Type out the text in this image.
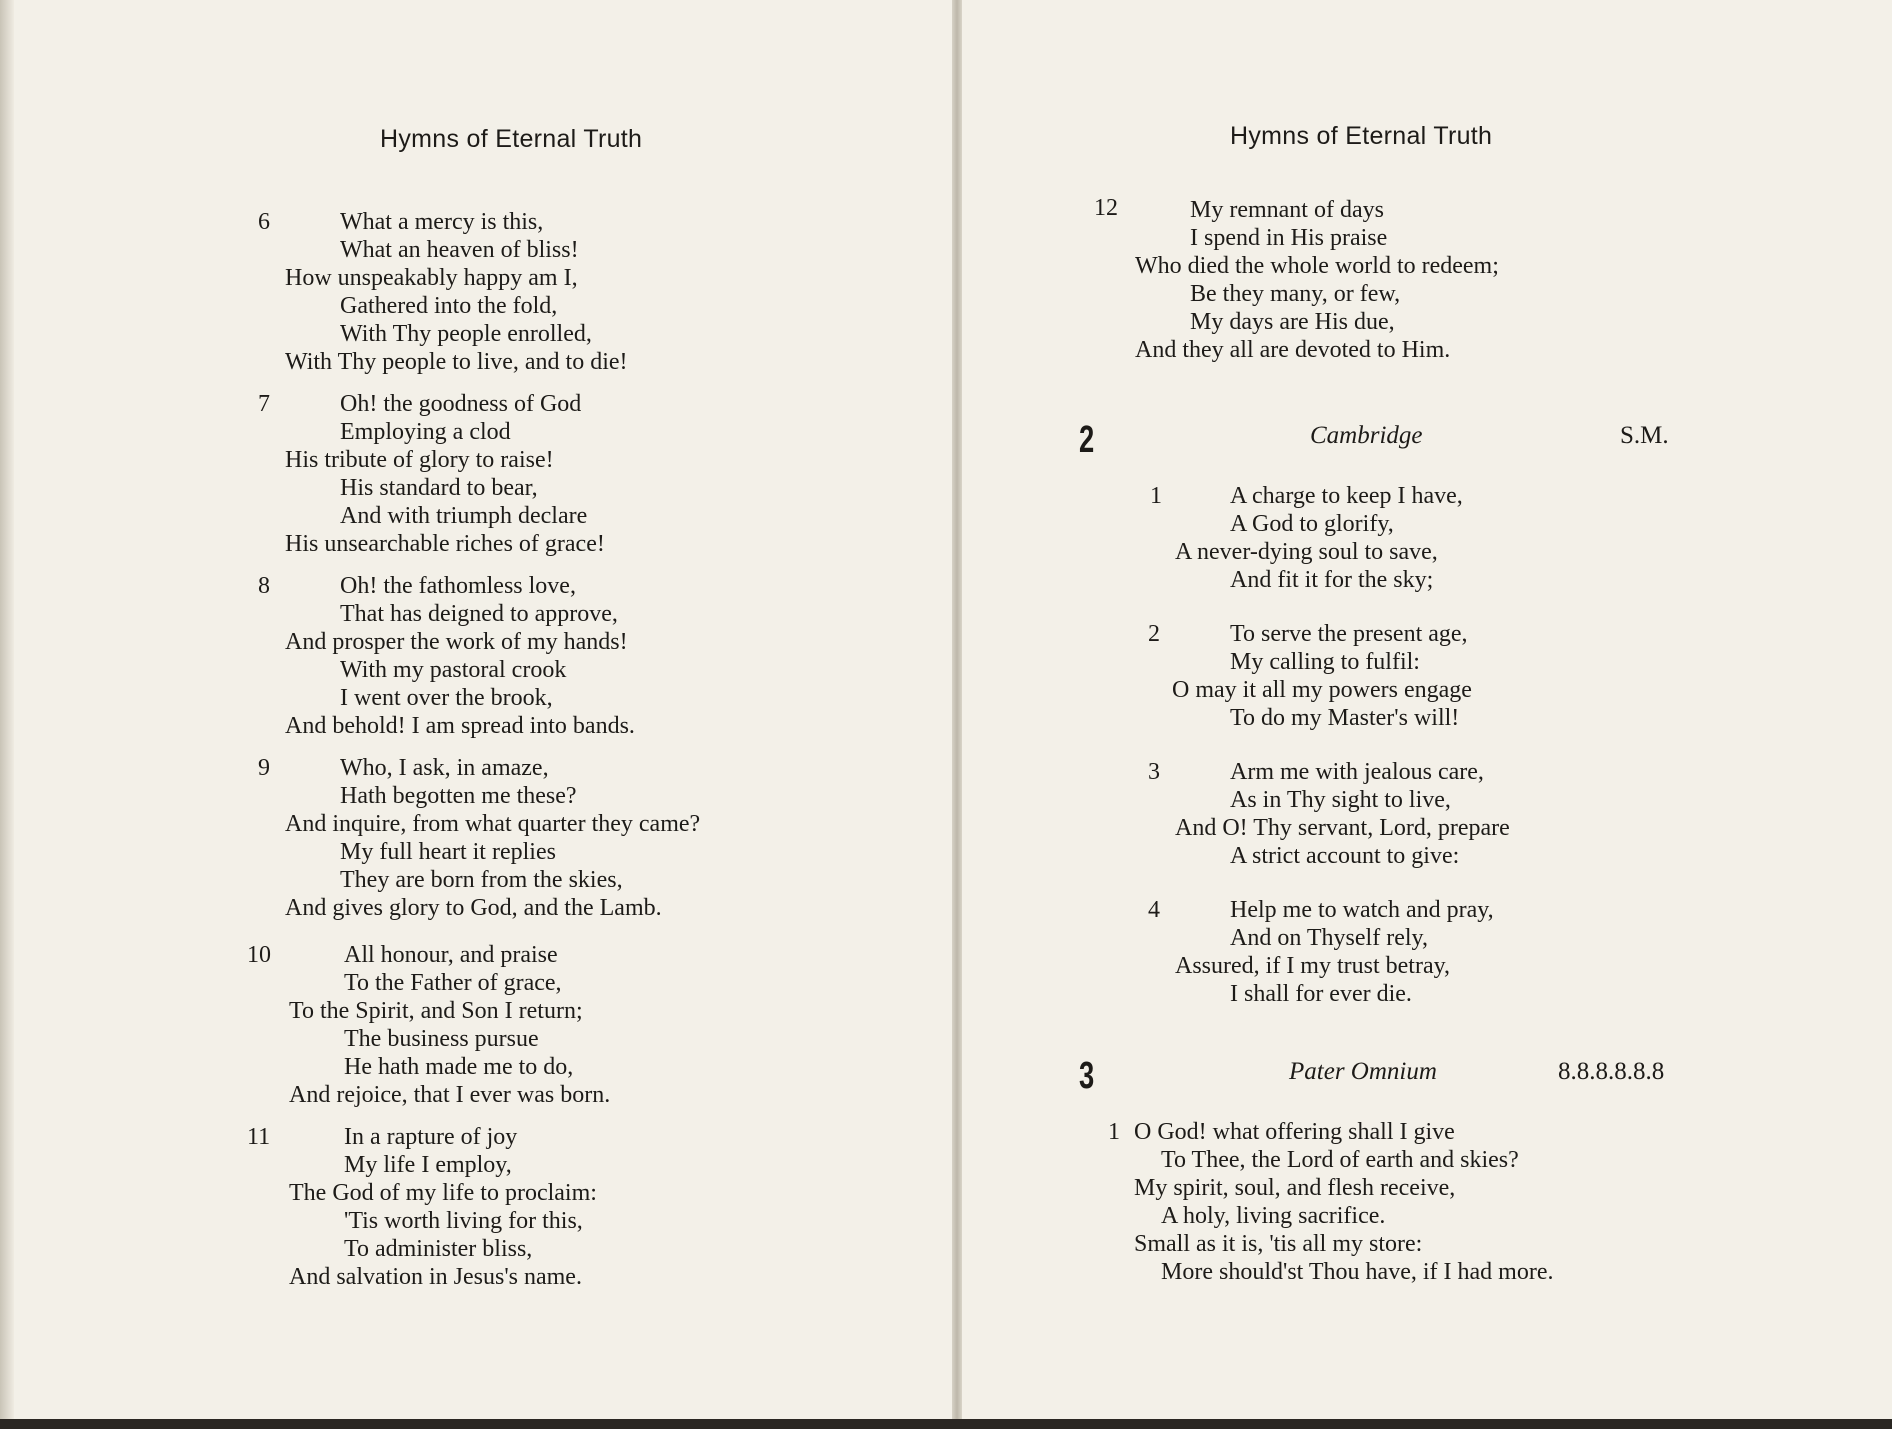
Hymns of Eternal Truth
6	What a mercy is this,
What an heaven of bliss!
How unspeakably happy am I,
Gathered into the fold,
With Thy people enrolled,
With Thy people to live, and to die!
7	Oh! the goodness of God
Employing a clod
His tribute of glory to raise!
His standard to bear,
And with triumph declare
His unsearchable riches of grace!
8	Oh! the fathomless love,
That has deigned to approve,
And prosper the work of my hands!
With my pastoral crook
I went over the brook,
And behold! I am spread into bands.
9	Who, I ask, in amaze,
Hath begotten me these?
And inquire, from what quarter they came?
My full heart it replies
They are born from the skies,
And gives glory to God, and the Lamb.
10	All honour, and praise
To the Father of grace,
To the Spirit, and Son I return;
The business pursue
He hath made me to do,
And rejoice, that I ever was born.
11	In a rapture of joy
My life I employ,
The God of my life to proclaim:
'Tis worth living for this,
To administer bliss,
And salvation in Jesus's name.
Hymns of Eternal Truth
12	My remnant of days
I spend in His praise
Who died the whole world to redeem;
Be they many, or few,
My days are His due,
And they all are devoted to Him.
2	Cambridge	S.M.
1	A charge to keep I have,
A God to glorify,
A never-dying soul to save,
And fit it for the sky;
2	To serve the present age,
My calling to fulfil:
O may it all my powers engage
To do my Master's will!
3	Arm me with jealous care,
As in Thy sight to live,
And O! Thy servant, Lord, prepare
A strict account to give:
4	Help me to watch and pray,
And on Thyself rely,
Assured, if I my trust betray,
I shall for ever die.
3	Pater Omnium	8.8.8.8.8.8
1 O God! what offering shall I give
To Thee, the Lord of earth and skies?
My spirit, soul, and flesh receive,
A holy, living sacrifice.
Small as it is, 'tis all my store:
More should'st Thou have, if I had more.
